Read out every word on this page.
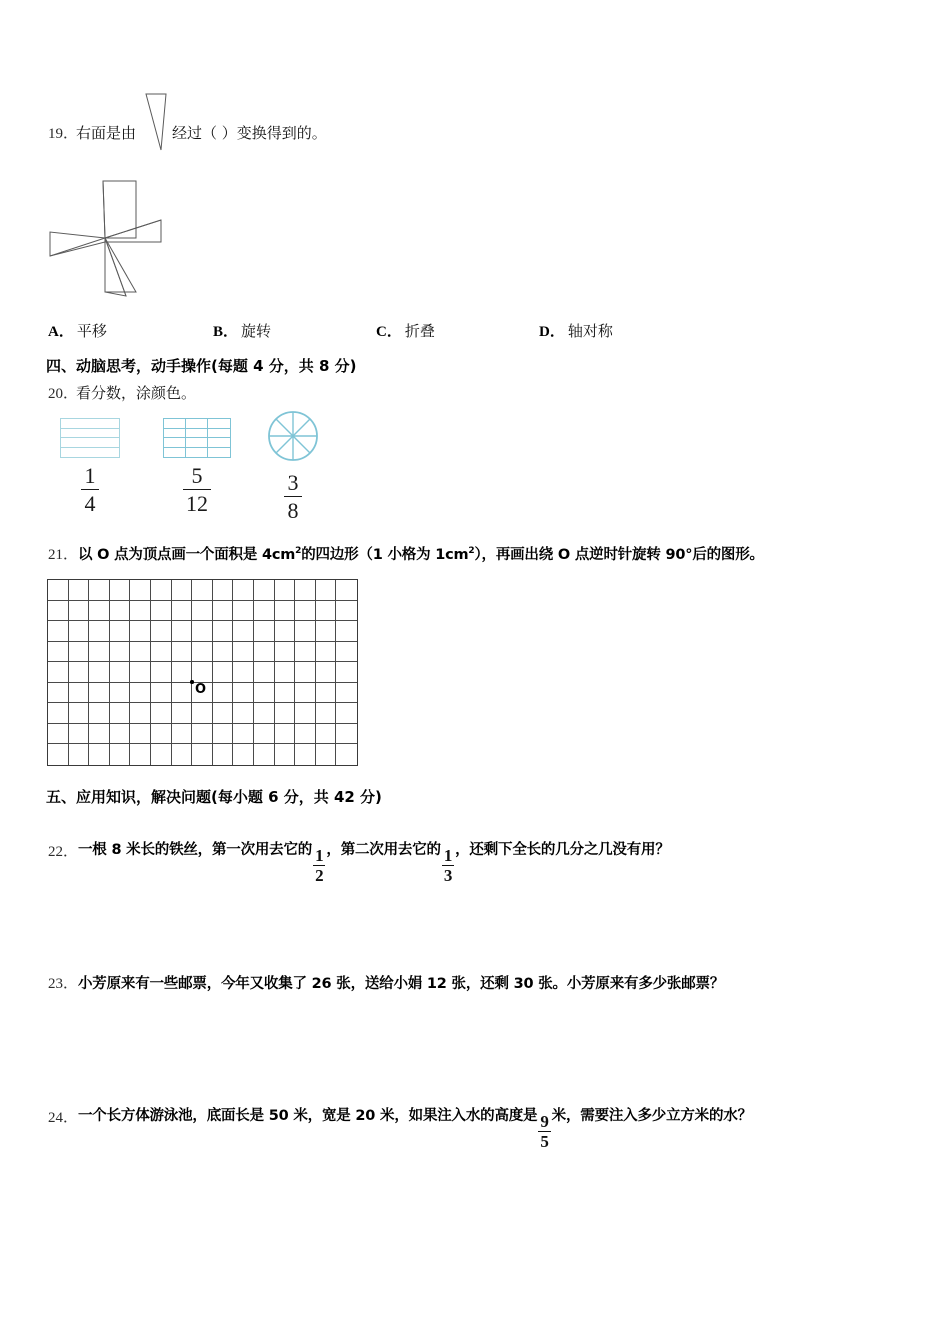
19．
右面是由 经过（ ）变换得到的。
A． 平移	B． 旋转	C． 折叠	D． 轴对称
四、动脑思考，动手操作(每题 4 分，共 8 分)
20．
看分数，涂颜色。
$\frac{1}{4}$	$\frac{5}{12}$	$\frac{3}{8}$
21． 以 O 点为顶点画一个面积是 $4cm^2$的四边形（1 小格为 $1cm^2$），再画出绕 O 点逆时针旋转 90°后的图形。
O
五、应用知识，解决问题(每小题 6 分，共 42 分)
22． 一根 8 米长的铁丝，第一次用去它的 $\frac{1}{2}$ ，第二次用去它的 $\frac{1}{3}$ ，还剩下全长的几分之几没有用？
23． 小芳原来有一些邮票，今年又收集了 26 张，送给小娟 12 张，还剩 30 张。小芳原来有多少张邮票？
24． 一个长方体游泳池，底面长是 50 米，宽是 20 米，如果注入水的高度是 $\frac{9}{5}$ 米，需要注入多少立方米的水？
